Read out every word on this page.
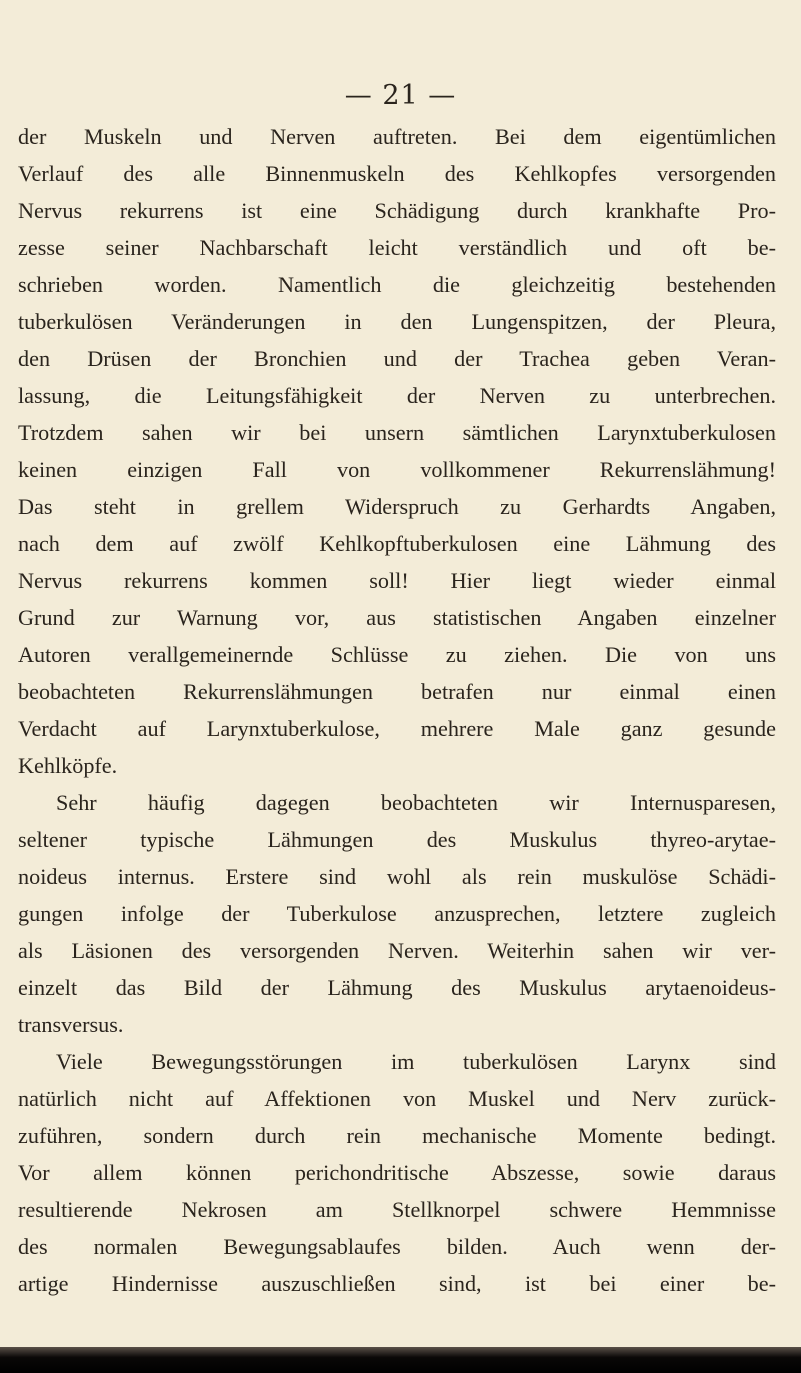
— 21 —
der Muskeln und Nerven auftreten. Bei dem eigentümlichen
Verlauf des alle Binnenmuskeln des Kehlkopfes versorgenden
Nervus rekurrens ist eine Schädigung durch krankhafte Pro-
zesse seiner Nachbarschaft leicht verständlich und oft be-
schrieben worden. Namentlich die gleichzeitig bestehenden
tuberkulösen Veränderungen in den Lungenspitzen, der Pleura,
den Drüsen der Bronchien und der Trachea geben Veran-
lassung, die Leitungsfähigkeit der Nerven zu unterbrechen.
Trotzdem sahen wir bei unsern sämtlichen Larynxtuberkulosen
keinen einzigen Fall von vollkommener Rekurrenslähmung!
Das steht in grellem Widerspruch zu Gerhardts Angaben,
nach dem auf zwölf Kehlkopftuberkulosen eine Lähmung des
Nervus rekurrens kommen soll! Hier liegt wieder einmal
Grund zur Warnung vor, aus statistischen Angaben einzelner
Autoren verallgemeinernde Schlüsse zu ziehen. Die von uns
beobachteten Rekurrenslähmungen betrafen nur einmal einen
Verdacht auf Larynxtuberkulose, mehrere Male ganz gesunde
Kehlköpfe.
Sehr häufig dagegen beobachteten wir Internusparesen,
seltener typische Lähmungen des Muskulus thyreo-arytae-
noideus internus. Erstere sind wohl als rein muskulöse Schädi-
gungen infolge der Tuberkulose anzusprechen, letztere zugleich
als Läsionen des versorgenden Nerven. Weiterhin sahen wir ver-
einzelt das Bild der Lähmung des Muskulus arytaenoideus-
transversus.
Viele Bewegungsstörungen im tuberkulösen Larynx sind
natürlich nicht auf Affektionen von Muskel und Nerv zurück-
zuführen, sondern durch rein mechanische Momente bedingt.
Vor allem können perichondritische Abszesse, sowie daraus
resultierende Nekrosen am Stellknorpel schwere Hemmnisse
des normalen Bewegungsablaufes bilden. Auch wenn der-
artige Hindernisse auszuschließen sind, ist bei einer be-
